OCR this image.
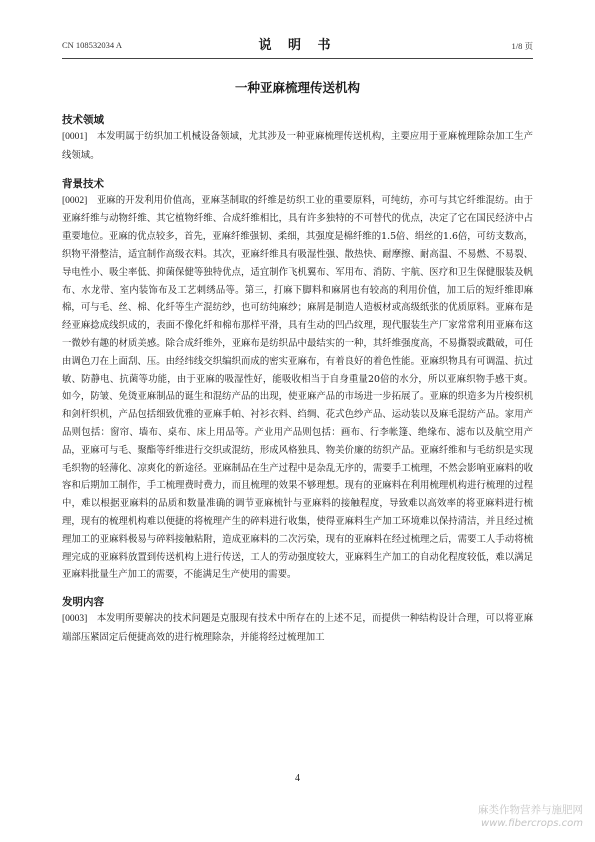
CN 108532034 A	说 明 书	1/8 页
一种亚麻梳理传送机构

技术领域

[0001]  本发明属于纺织加工机械设备领域，尤其涉及一种亚麻梳理传送机构，主要应用于亚麻梳理除杂加工生产线领域。

背景技术

[0002]  亚麻的开发利用价值高，亚麻茎制取的纤维是纺织工业的重要原料，可纯纺，亦可与其它纤维混纺。由于亚麻纤维与动物纤维、其它植物纤维、合成纤维相比，具有许多独特的不可替代的优点，决定了它在国民经济中占重要地位。亚麻的优点较多，首先，亚麻纤维强韧、柔细，其强度是棉纤维的1.5倍、绢丝的1.6倍，可纺支数高，织物平滑整洁，适宜制作高级衣料。其次，亚麻纤维具有吸湿性强、散热快、耐摩擦、耐高温、不易燃、不易裂、导电性小、吸尘率低、抑菌保健等独特优点，适宜制作飞机翼布、军用布、消防、宇航、医疗和卫生保健服装及帆布、水龙带、室内装饰布及工艺刺绣品等。第三，打麻下脚料和麻屑也有较高的利用价值，加工后的短纤维即麻棉，可与毛、丝、棉、化纤等生产混纺纱，也可纺纯麻纱；麻屑是制造人造板材或高级纸张的优质原料。亚麻布是经亚麻捻成线织成的，表面不像化纤和棉布那样平滑，具有生动的凹凸纹理，现代服装生产厂家常常利用亚麻布这一微妙有趣的材质美感。除合成纤维外，亚麻布是纺织品中最结实的一种，其纤维强度高，不易撕裂或戳破，可任由调色刀在上面刮、压。由经纬线交织编织而成的密实亚麻布，有着良好的着色性能。亚麻织物具有可调温、抗过敏、防静电、抗菌等功能，由于亚麻的吸湿性好，能吸收相当于自身重量20倍的水分，所以亚麻织物手感干爽。如今，防皱、免烫亚麻制品的诞生和混纺产品的出现，使亚麻产品的市场进一步拓展了。亚麻的织造多为片梭织机和剑杆织机，产品包括细致优雅的亚麻手帕、衬衫衣料、绉绸、花式色纱产品、运动装以及麻毛混纺产品。家用产品则包括：窗帘、墙布、桌布、床上用品等。产业用产品则包括：画布、行李帐篷、绝缘布、滤布以及航空用产品，亚麻可与毛、聚酯等纤维进行交织或混纺，形成风格独具、物美价廉的纺织产品。亚麻纤维和与毛纺织是实现毛织物的轻薄化、凉爽化的新途径。亚麻制品在生产过程中是杂乱无序的，需要手工梳理，不然会影响亚麻料的收容和后期加工制作，手工梳理费时费力，而且梳理的效果不够理想。现有的亚麻料在利用梳理机构进行梳理的过程中，难以根据亚麻料的品质和数量准确的调节亚麻梳针与亚麻料的接触程度，导致难以高效率的将亚麻料进行梳理，现有的梳理机构难以便捷的将梳理产生的碎料进行收集，使得亚麻料生产加工环境难以保持清洁，并且经过梳理加工的亚麻料极易与碎料接触粘附，造成亚麻料的二次污染，现有的亚麻料在经过梳理之后，需要工人手动将梳理完成的亚麻料放置到传送机构上进行传送，工人的劳动强度较大，亚麻料生产加工的自动化程度较低，难以满足亚麻料批量生产加工的需要，不能满足生产使用的需要。

发明内容

[0003]  本发明所要解决的技术问题是克服现有技术中所存在的上述不足，而提供一种结构设计合理，可以将亚麻端部压紧固定后便捷高效的进行梳理除杂，并能将经过梳理加工

4
麻类作物营养与施肥网
www.fibercrops.com
